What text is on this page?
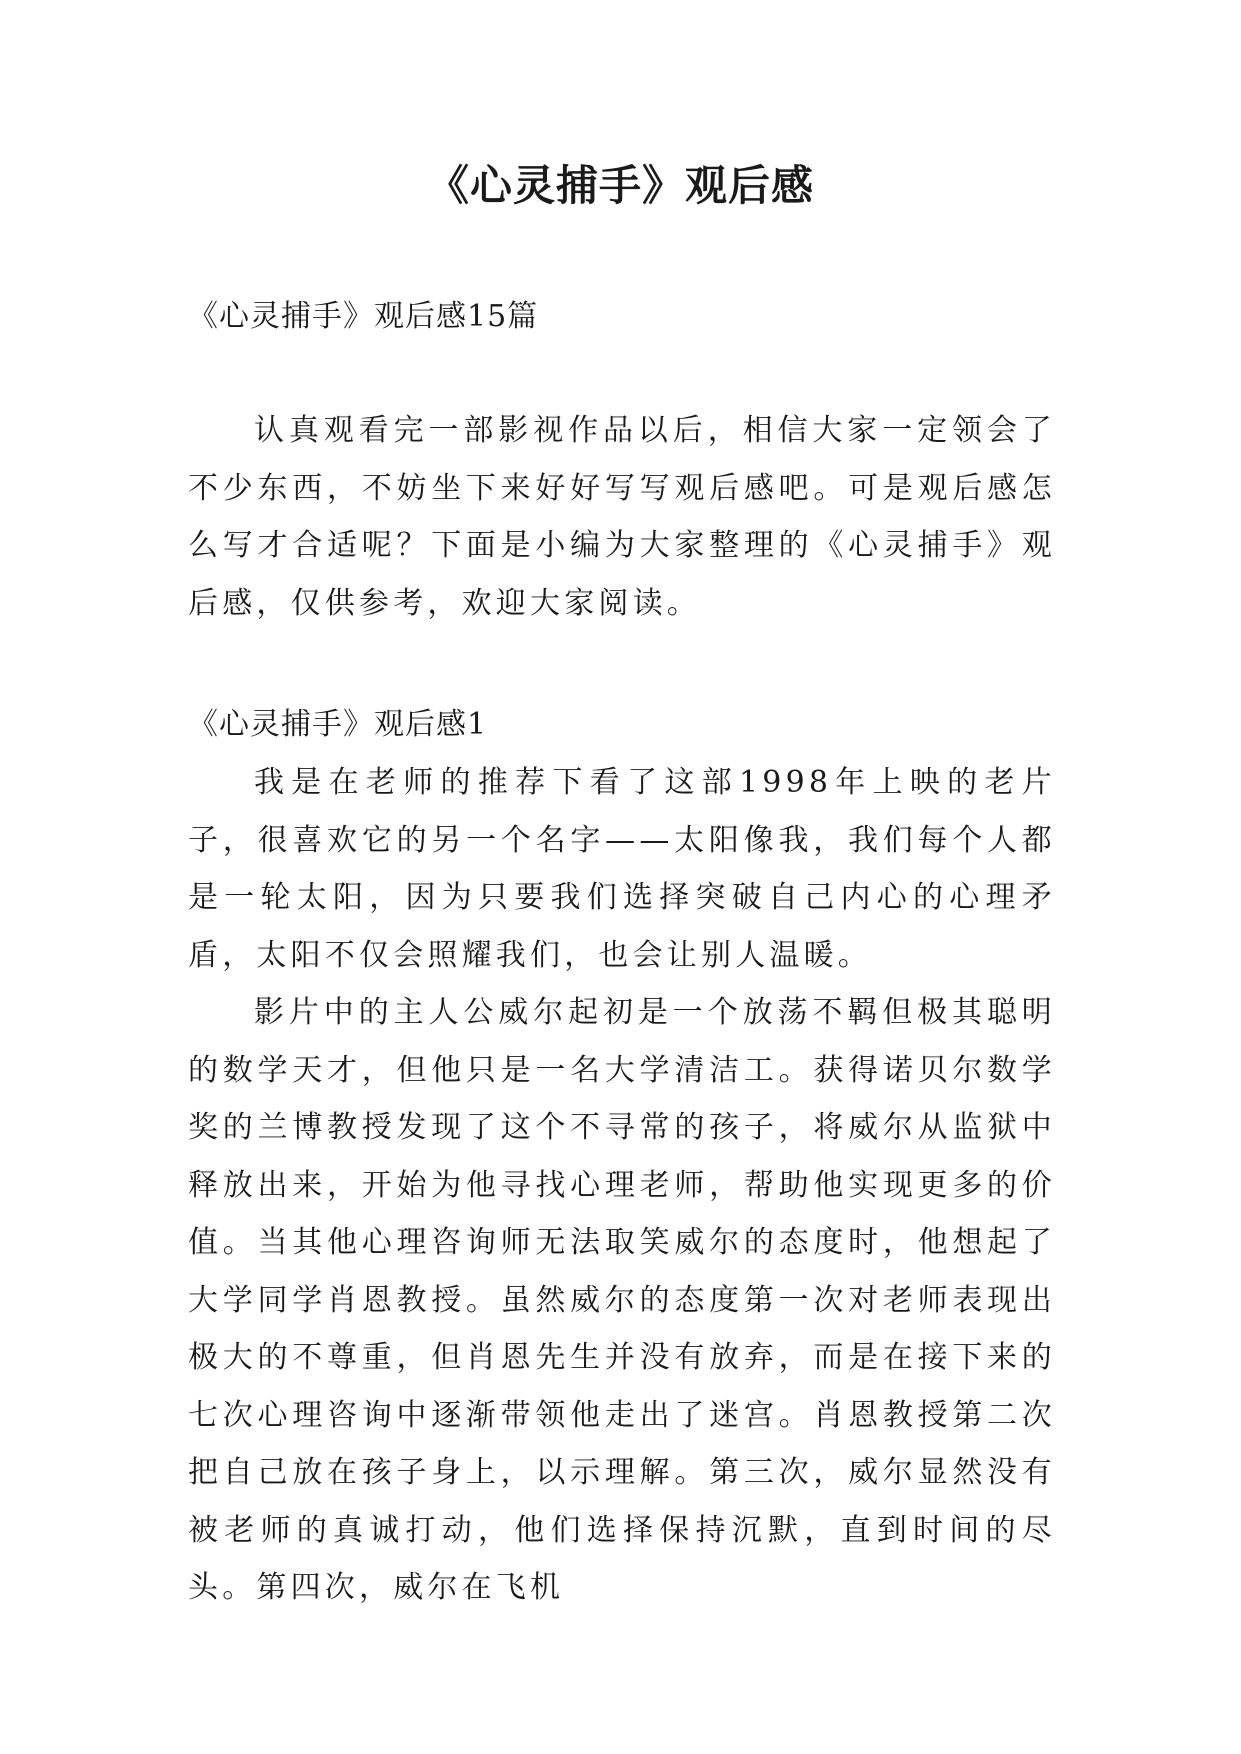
《心灵捕手》观后感

《心灵捕手》观后感15篇

认真观看完一部影视作品以后，相信大家一定领会了不少东西，不妨坐下来好好写写观后感吧。可是观后感怎么写才合适呢？下面是小编为大家整理的《心灵捕手》观后感，仅供参考，欢迎大家阅读。

《心灵捕手》观后感1

我是在老师的推荐下看了这部1998年上映的老片子，很喜欢它的另一个名字——太阳像我，我们每个人都是一轮太阳，因为只要我们选择突破自己内心的心理矛盾，太阳不仅会照耀我们，也会让别人温暖。

影片中的主人公威尔起初是一个放荡不羁但极其聪明的数学天才，但他只是一名大学清洁工。获得诺贝尔数学奖的兰博教授发现了这个不寻常的孩子，将威尔从监狱中释放出来，开始为他寻找心理老师，帮助他实现更多的价值。当其他心理咨询师无法取笑威尔的态度时，他想起了大学同学肖恩教授。虽然威尔的态度第一次对老师表现出极大的不尊重，但肖恩先生并没有放弃，而是在接下来的七次心理咨询中逐渐带领他走出了迷宫。肖恩教授第二次把自己放在孩子身上，以示理解。第三次，威尔显然没有被老师的真诚打动，他们选择保持沉默，直到时间的尽头。第四次，威尔在飞机
